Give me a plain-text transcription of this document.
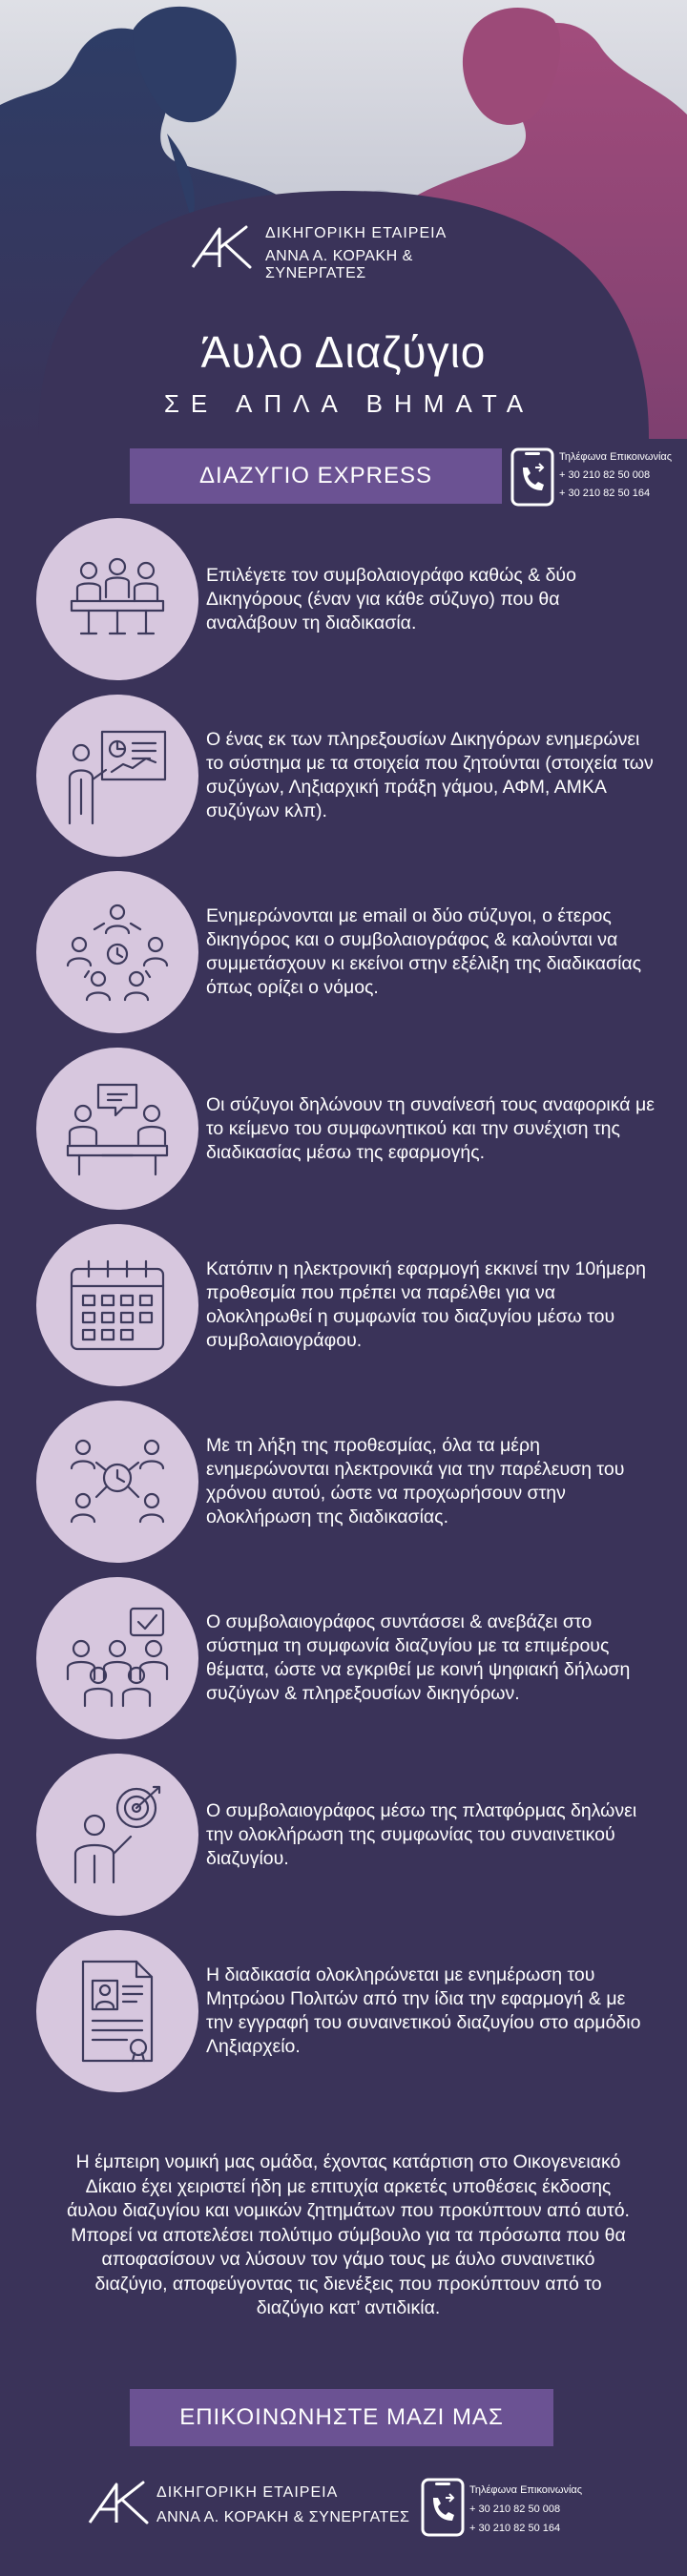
ΔΙΚΗΓΟΡΙΚΗ ΕΤΑΙΡΕΙΑ
ΑΝΝΑ Α. ΚΟΡΑΚΗ & ΣΥΝΕΡΓΑΤΕΣ
Άυλο Διαζύγιο
ΣΕ ΑΠΛΑ ΒΗΜΑΤΑ
ΔΙΑΖΥΓΙΟ EXPRESS
Τηλέφωνα Επικοινωνίας
+ 30 210 82 50 008
+ 30 210 82 50 164
Επιλέγετε τον συμβολαιογράφο καθώς & δύο Δικηγόρους (έναν για κάθε σύζυγο) που θα αναλάβουν τη διαδικασία.
Ο ένας εκ των πληρεξουσίων Δικηγόρων ενημερώνει το σύστημα με τα στοιχεία που ζητούνται (στοιχεία των συζύγων, Ληξιαρχική πράξη γάμου, ΑΦΜ, ΑΜΚΑ συζύγων κλπ).
Ενημερώνονται με email οι δύο σύζυγοι, ο έτερος δικηγόρος και ο συμβολαιογράφος & καλούνται να συμμετάσχουν κι εκείνοι στην εξέλιξη της διαδικασίας όπως ορίζει ο νόμος.
Οι σύζυγοι δηλώνουν τη συναίνεσή τους αναφορικά με το κείμενο του συμφωνητικού και την συνέχιση της διαδικασίας μέσω της εφαρμογής.
Κατόπιν η ηλεκτρονική εφαρμογή εκκινεί την 10ήμερη προθεσμία που πρέπει να παρέλθει για να ολοκληρωθεί η συμφωνία του διαζυγίου μέσω του συμβολαιογράφου.
Με τη λήξη της προθεσμίας, όλα τα μέρη ενημερώνονται ηλεκτρονικά για την παρέλευση του χρόνου αυτού, ώστε να προχωρήσουν στην ολοκλήρωση της διαδικασίας.
Ο συμβολαιογράφος συντάσσει & ανεβάζει στο σύστημα τη συμφωνία διαζυγίου με τα επιμέρους θέματα, ώστε να εγκριθεί με κοινή ψηφιακή δήλωση συζύγων & πληρεξουσίων δικηγόρων.
Ο συμβολαιογράφος μέσω της πλατφόρμας δηλώνει την ολοκλήρωση της συμφωνίας του συναινετικού διαζυγίου.
Η διαδικασία ολοκληρώνεται με ενημέρωση του Μητρώου Πολιτών από την ίδια την εφαρμογή & με την εγγραφή του συναινετικού διαζυγίου στο αρμόδιο Ληξιαρχείο.
Η έμπειρη νομική μας ομάδα, έχοντας κατάρτιση στο Οικογενειακό Δίκαιο έχει χειριστεί ήδη με επιτυχία αρκετές υποθέσεις έκδοσης άυλου διαζυγίου και νομικών ζητημάτων που προκύπτουν από αυτό. Μπορεί να αποτελέσει πολύτιμο σύμβουλο για τα πρόσωπα που θα αποφασίσουν να λύσουν τον γάμο τους με άυλο συναινετικό διαζύγιο, αποφεύγοντας τις διενέξεις που προκύπτουν από το διαζύγιο κατ’ αντιδικία.
ΕΠΙΚΟΙΝΩΝΗΣΤΕ ΜΑΖΙ ΜΑΣ
ΔΙΚΗΓΟΡΙΚΗ ΕΤΑΙΡΕΙΑ
ΑΝΝΑ Α. ΚΟΡΑΚΗ & ΣΥΝΕΡΓΑΤΕΣ
Τηλέφωνα Επικοινωνίας
+ 30 210 82 50 008
+ 30 210 82 50 164
